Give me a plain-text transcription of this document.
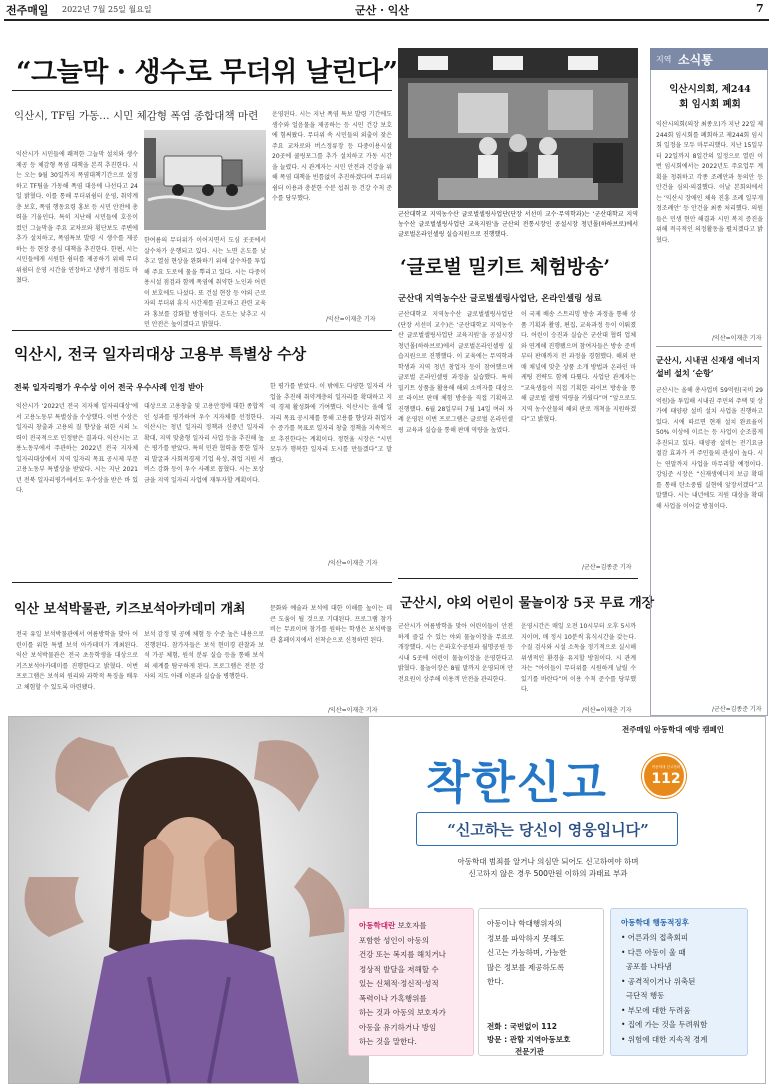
전주매일 2022년 7월 25일 월요일	군산 · 익산	7
“그늘막 · 생수로 무더위 날린다”
익산시, TF팀 가동… 시민 체감형 폭염 종합대책 마련
익산시가 시민들에 쾌적한 그늘막 설치와 생수 제공 등 체감형 폭염 대책을 본격 추진한다. 시는 오는 9월 30일까지 폭염대책기간으로 설정하고 TF팀을 가동해 폭염 대응에 나선다고 24일 밝혔다. 이를 통해 무더위쉼터 운영, 취약계층 보호, 폭염 행동요령 홍보 등 시민 안전에 총력을 기울인다. 특히 지난해 시민들에 호응이 컸던 그늘막을 주요 교차로와 횡단보도 주변에 추가 설치하고, 폭염특보 발령 시 생수를 제공하는 등 현장 중심 대책을 추진한다. 한편, 시는 시민들에게 시원한 쉼터를 제공하기 위해 무더위쉼터 운영 시간을 연장하고 냉방기 점검도 마쳤다.
한여름의 무더위가 이어지면서 도심 곳곳에서 살수차가 운행되고 있다. 시는 노면 온도를 낮추고 열섬 현상을 완화하기 위해 살수차를 투입해 주요 도로에 물을 뿌리고 있다. 시는 다중이용시설 점검과 함께 폭염에 취약한 노인과 어린이 보호에도 나섰다. 또 건설 현장 등 야외 근로자의 무더위 휴식 시간제를 권고하고 관련 교육과 홍보를 강화할 방침이다. 온도는 낮추고 시민 안전은 높이겠다고 밝혔다.
운영된다. 시는 지난 폭염 특보 발령 기간에도 생수와 얼음물을 제공하는 등 시민 건강 보호에 힘써왔다. 무더위 속 시민들의 외출이 잦은 주요 교차로와 버스정류장 등 다중이용시설 20곳에 쿨링포그를 추가 설치하고 가동 시간을 늘렸다. 시 관계자는 시민 안전과 건강을 위해 폭염 대책을 빈틈없이 추진하겠다며 무더위 쉼터 이용과 충분한 수분 섭취 등 건강 수칙 준수를 당부했다.
/익산=이재춘 기자
군산대학교 지역농수산 글로벌셀링사업단(단장 서선미 교수·무역학과)는 ‘군산대학교 지역농수산 글로벌셀링사업단 교육지원’을 군산의 전통시장인 공설시장 청년몰(하하브로)에서 글로벌온라인셀링 실습지원으로 진행했다.
‘글로벌 밀키트 체험방송’
군산대 지역농수산 글로벌셀링사업단, 온라인셀링 성료
군산대학교 지역농수산 글로벌셀링사업단(단장 서선미 교수)은 ‘군산대학교 지역농수산 글로벌셀링사업단 교육지원’을 공설시장 청년몰(하하브로)에서 글로벌온라인셀링 실습지원으로 진행했다. 이 교육에는 무역학과 학생과 지역 청년 창업자 등이 참여했으며 글로벌 온라인셀링 과정을 실습했다. 특히 밀키트 상품을 활용해 해외 소비자를 대상으로 라이브 판매 체험 방송을 직접 기획하고 진행했다. 6월 28일부터 7월 14일 여러 차례 운영된 이번 프로그램은 글로벌 온라인셀링 교육과 실습을 통해 판매 역량을 높였다.
이 국제 배송 스트리밍 방송 과정을 통해 상품 기획과 촬영, 편집, 교육과정 등이 이뤄졌다. 어린이 승진과 실습은 군산대 협력 업체와 연계해 진행됐으며 참여자들은 방송 준비부터 판매까지 전 과정을 경험했다. 해외 판매 채널에 맞춘 상품 소개 방법과 온라인 마케팅 전략도 함께 다뤘다. 사업단 관계자는 “교육생들이 직접 기획한 라이브 방송을 통해 글로벌 셀링 역량을 키웠다”며 “앞으로도 지역 농수산물의 해외 판로 개척을 지원하겠다”고 밝혔다.
/군산=김종준 기자
익산시, 전국 일자리대상 고용부 특별상 수상
전북 일자리평가 우수상 이어 전국 우수사례 인정 받아
익산시가 ‘2022년 전국 지자체 일자리대상’에서 고용노동부 특별상을 수상했다. 이번 수상은 일자리 창출과 고용의 질 향상을 위한 시의 노력이 전국적으로 인정받은 결과다. 익산시는 고용노동부에서 주관하는 2022년 전국 지자체 일자리대상에서 지역 일자리 목표 공시제 부문 고용노동부 특별상을 받았다. 시는 지난 2021년 전북 일자리평가에서도 우수상을 받은 바 있다.
대상으로 고용창출 및 고용안정에 대한 종합적인 성과를 평가하여 우수 지자체를 선정한다. 익산시는 청년 일자리 정책과 신중년 일자리 확대, 지역 맞춤형 일자리 사업 등을 추진해 높은 평가를 받았다. 특히 민관 협력을 통한 일자리 발굴과 사회적경제 기업 육성, 취업 지원 서비스 강화 등이 우수 사례로 꼽혔다. 시는 포상금을 지역 일자리 사업에 재투자할 계획이다.
한 평가를 받았다. 이 밖에도 다양한 일자리 사업을 추진해 취약계층의 일자리를 확대하고 지역 경제 활성화에 기여했다. 익산시는 올해 일자리 목표 공시제를 통해 고용률 향상과 취업자 수 증가를 목표로 일자리 창출 정책을 지속적으로 추진한다는 계획이다. 정헌율 시장은 “시민 모두가 행복한 일자리 도시를 만들겠다”고 말했다.
/익산=이재춘 기자
익산 보석박물관, 키즈보석아카데미 개최
전국 유일 보석박물관에서 여름방학을 맞아 어린이를 위한 특별 보석 아카데미가 개최된다. 익산 보석박물관은 전국 초등학생을 대상으로 키즈보석아카데미를 진행한다고 밝혔다. 이번 프로그램은 보석의 원리와 과학적 특징을 배우고 체험할 수 있도록 마련됐다.
보석 감정 및 공예 체험 등 수준 높은 내용으로 진행된다. 참가자들은 보석 현미경 관찰과 보석 가공 체험, 원석 분류 실습 등을 통해 보석의 세계를 탐구하게 된다. 프로그램은 전문 강사의 지도 아래 이론과 실습을 병행한다.
문화와 예술과 보석에 대한 이해를 높이는 데 큰 도움이 될 것으로 기대된다. 프로그램 참가비는 무료이며 참가를 원하는 학생은 보석박물관 홈페이지에서 선착순으로 신청하면 된다.
/익산=이재춘 기자
군산시, 야외 어린이 물놀이장 5곳 무료 개장
군산시가 여름방학을 맞아 어린이들이 안전하게 즐길 수 있는 야외 물놀이장을 무료로 개장했다. 시는 은파호수공원과 월명공원 등 시내 5곳에 어린이 물놀이장을 운영한다고 밝혔다. 물놀이장은 8월 말까지 운영되며 안전요원이 상주해 이용객 안전을 관리한다.
운영시간은 매일 오전 10시부터 오후 5시까지이며, 매 정시 10분씩 휴식시간을 갖는다. 수질 검사와 시설 소독을 정기적으로 실시해 위생적인 환경을 유지할 방침이다. 시 관계자는 “아이들이 무더위를 시원하게 날릴 수 있기를 바란다”며 이용 수칙 준수를 당부했다.
/익산=이재춘 기자
지역 소식통
익산시의회, 제244회 임시회 폐회
익산시의회(의장 최종오)가 지난 22일 제244회 임시회를 폐회하고 제244회 임시회 일정을 모두 마무리했다. 지난 15일부터 22일까지 8일간의 일정으로 열린 이번 임시회에서는 2022년도 주요업무 계획을 청취하고 각종 조례안과 동의안 등 안건을 심의·의결했다. 이날 본회의에서는 ‘익산시 장애인 체육 진흥 조례 일부개정조례안’ 등 안건을 최종 처리했다. 의원들은 민생 현안 해결과 시민 복지 증진을 위해 적극적인 의정활동을 펼치겠다고 밝혔다.
/익산=이재춘 기자
군산시, 시내권 신재생 에너지 설비 설치 ‘순항’
군산시는 올해 총사업비 59억원(국비 29억원)을 투입해 시내권 주민의 주택 및 상가에 태양광 설비 설치 사업을 진행하고 있다. 시에 따르면 현재 설치 완료율이 50% 이상에 이르는 등 사업이 순조롭게 추진되고 있다. 태양광 설비는 전기요금 절감 효과가 커 주민들의 관심이 높다. 시는 연말까지 사업을 마무리할 예정이다. 강임준 시장은 “신재생에너지 보급 확대를 통해 탄소중립 실현에 앞장서겠다”고 말했다. 시는 내년에도 지원 대상을 확대해 사업을 이어갈 방침이다.
/군산=김종준 기자
전주매일 아동학대 예방 캠페인
착한신고	아동학대 신고전화
112
“신고하는 당신이 영웅입니다”
아동학대 범죄를 알거나 의심만 되어도 신고하여야 하며
신고하지 않은 경우 500만원 이하의 과태료 부과
아동학대란 보호자를
포함한 성인이 아동의
건강 또는 복지를 해치거나
정상적 발달을 저해할 수
있는 신체적·정신적·성적
폭력이나 가혹행위를
하는 것과 아동의 보호자가
아동을 유기하거나 방임
하는 것을 말한다.
아동이나 학대행위자의
정보를 파악하지 못해도
신고는 가능하며, 가능한
많은 정보를 제공하도록
한다.
전화 : 국번없이 112
방문 : 관할 지역아동보호
전문기관
아동학대 행동적징후
• 어른과의 접촉회피
• 다른 아동이 울 때
공포를 나타냄
• 공격적이거나 위축된
극단적 행동
• 부모에 대한 두려움
• 집에 가는 것을 두려워함
• 위험에 대한 지속적 경계
